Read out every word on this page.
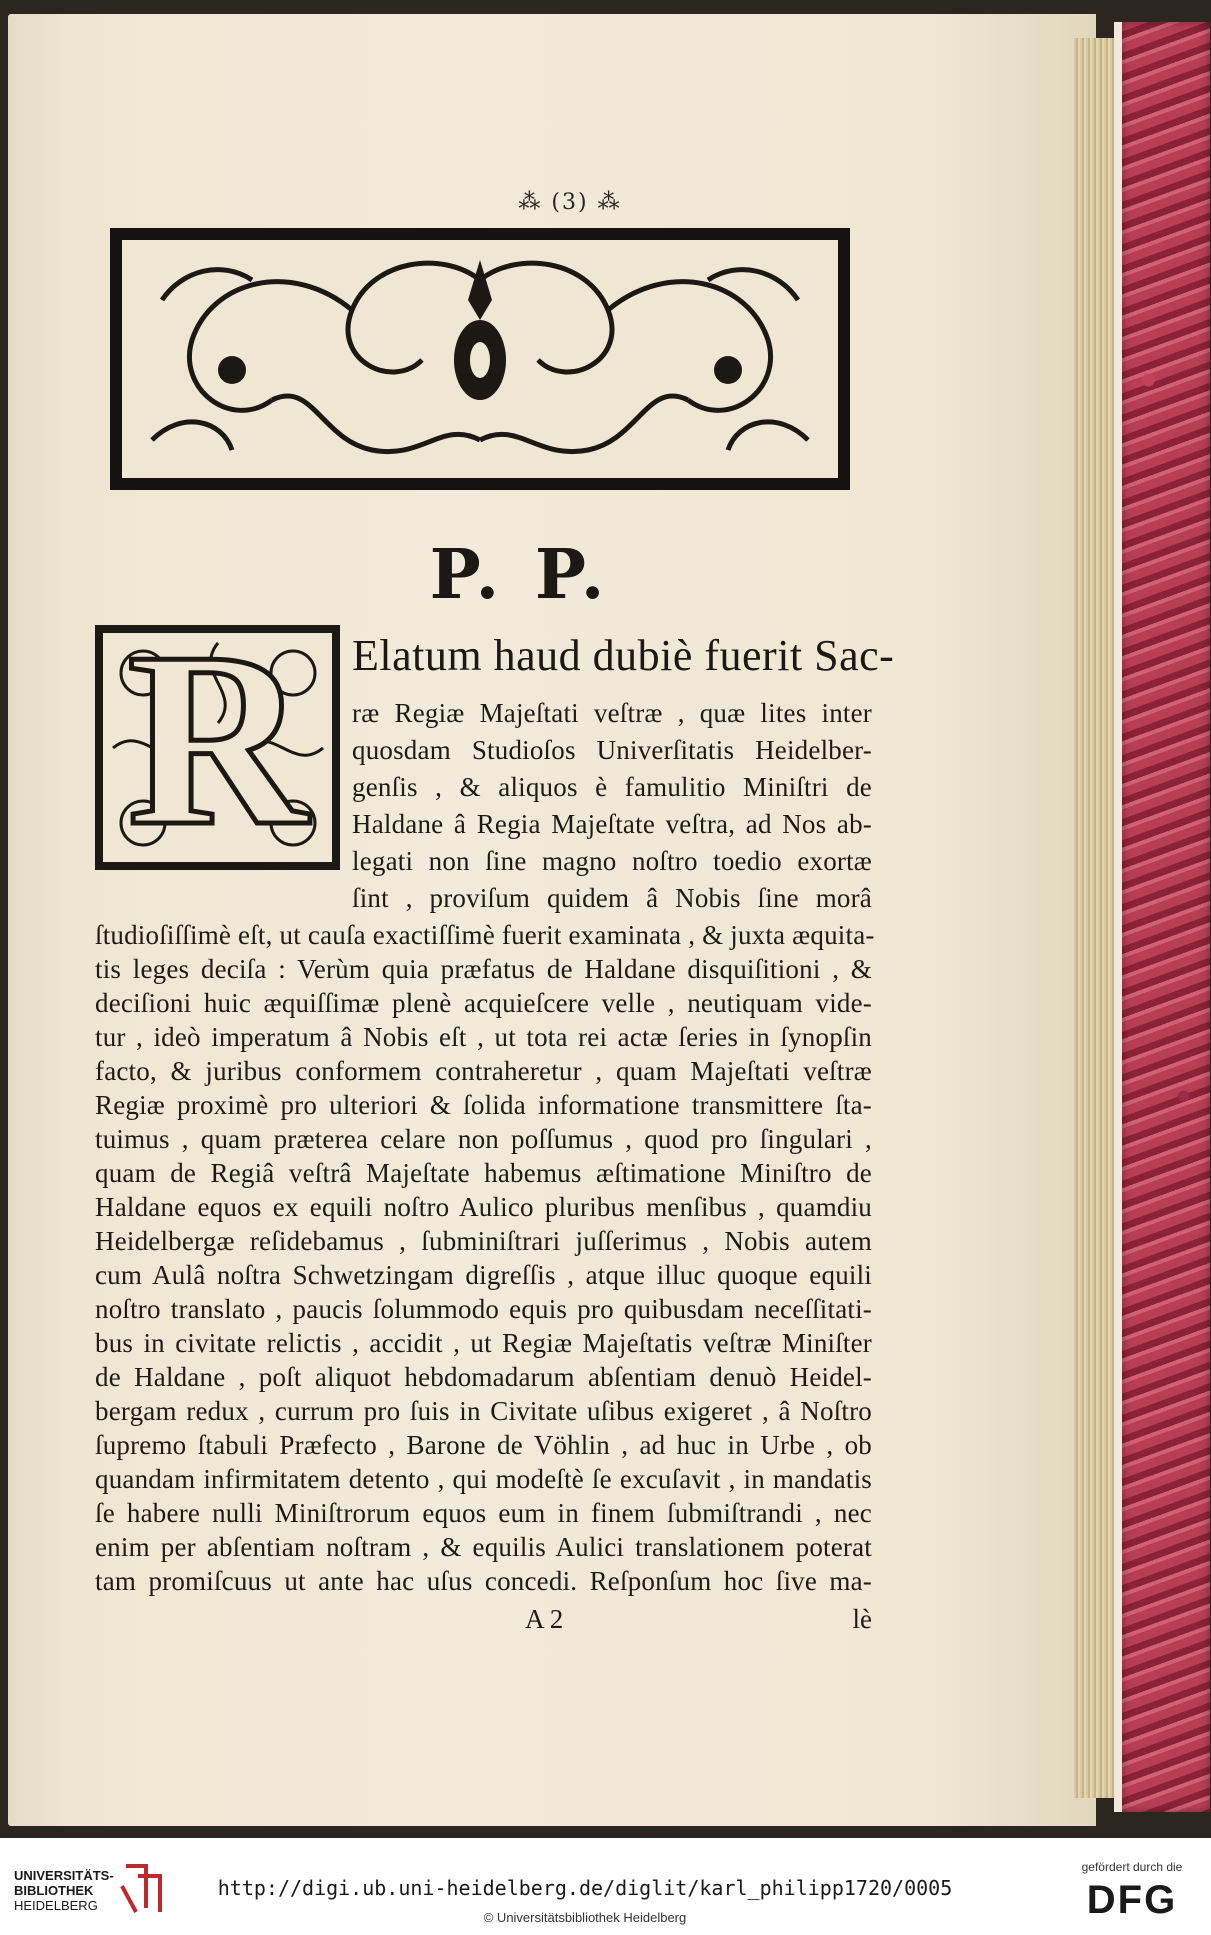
⁂ (3) ⁂
P. P.
R	Elatum haud dubiè fuerit Sac-
ræ Regiæ Majeſtati veſtræ , quæ lites inter
quosdam Studioſos Univerſitatis Heidelber-
genſis , & aliquos è famulitio Miniſtri de
Haldane â Regia Majeſtate veſtra, ad Nos ab-
legati non ſine magno noſtro toedio exortæ
ſint , proviſum quidem â Nobis ſine morâ
ſtudioſiſſimè eſt, ut cauſa exactiſſimè fuerit examinata , & juxta æquita-
tis leges deciſa : Verùm quia præfatus de Haldane disquiſitioni , &
deciſioni huic æquiſſimæ plenè acquieſcere velle , neutiquam vide-
tur , ideò imperatum â Nobis eſt , ut tota rei actæ ſeries in ſynopſin
facto, & juribus conformem contraheretur , quam Majeſtati veſtræ
Regiæ proximè pro ulteriori & ſolida informatione transmittere ſta-
tuimus , quam præterea celare non poſſumus , quod pro ſingulari ,
quam de Regiâ veſtrâ Majeſtate habemus æſtimatione Miniſtro de
Haldane equos ex equili noſtro Aulico pluribus menſibus , quamdiu
Heidelbergæ reſidebamus , ſubminiſtrari juſſerimus , Nobis autem
cum Aulâ noſtra Schwetzingam digreſſis , atque illuc quoque equili
noſtro translato , paucis ſolummodo equis pro quibusdam neceſſitati-
bus in civitate relictis , accidit , ut Regiæ Majeſtatis veſtræ Miniſter
de Haldane , poſt aliquot hebdomadarum abſentiam denuò Heidel-
bergam redux , currum pro ſuis in Civitate uſibus exigeret , â Noſtro
ſupremo ſtabuli Præfecto , Barone de Vöhlin , ad huc in Urbe , ob
quandam infirmitatem detento , qui modeſtè ſe excuſavit , in mandatis
ſe habere nulli Miniſtrorum equos eum in finem ſubmiſtrandi , nec
enim per abſentiam noſtram , & equilis Aulici translationem poterat
tam promiſcuus ut ante hac uſus concedi. Reſponſum hoc ſive ma-
A 2	lè
UNIVERSITÄTS-
BIBLIOTHEK
HEIDELBERG
http://digi.ub.uni-heidelberg.de/diglit/karl_philipp1720/0005
© Universitätsbibliothek Heidelberg
gefördert durch die
DFG
